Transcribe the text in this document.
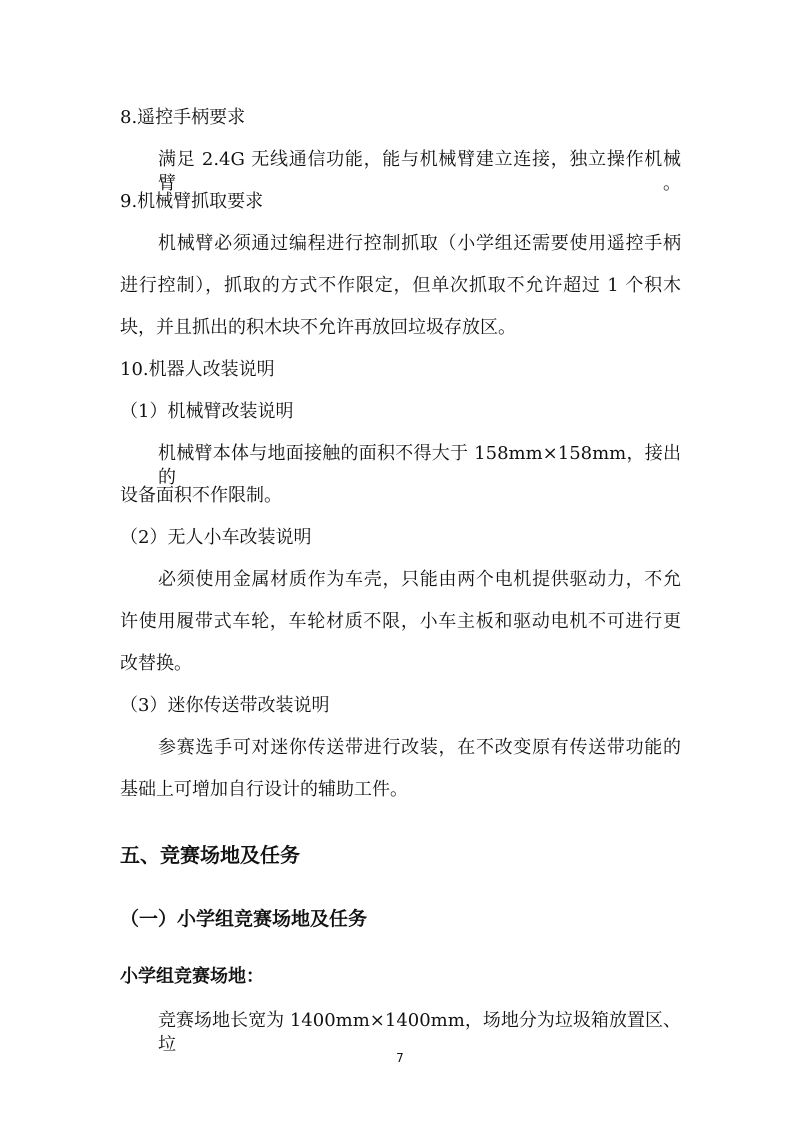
8.遥控手柄要求
满足 2.4G 无线通信功能，能与机械臂建立连接，独立操作机械臂。
9.机械臂抓取要求
机械臂必须通过编程进行控制抓取（小学组还需要使用遥控手柄
进行控制），抓取的方式不作限定，但单次抓取不允许超过 1 个积木
块，并且抓出的积木块不允许再放回垃圾存放区。
10.机器人改装说明
（1）机械臂改装说明
机械臂本体与地面接触的面积不得大于 158mm×158mm，接出的
设备面积不作限制。
（2）无人小车改装说明
必须使用金属材质作为车壳，只能由两个电机提供驱动力，不允
许使用履带式车轮，车轮材质不限，小车主板和驱动电机不可进行更
改替换。
（3）迷你传送带改装说明
参赛选手可对迷你传送带进行改装，在不改变原有传送带功能的
基础上可增加自行设计的辅助工件。
五、竞赛场地及任务
（一）小学组竞赛场地及任务
小学组竞赛场地：
竞赛场地长宽为 1400mm×1400mm，场地分为垃圾箱放置区、垃
7
